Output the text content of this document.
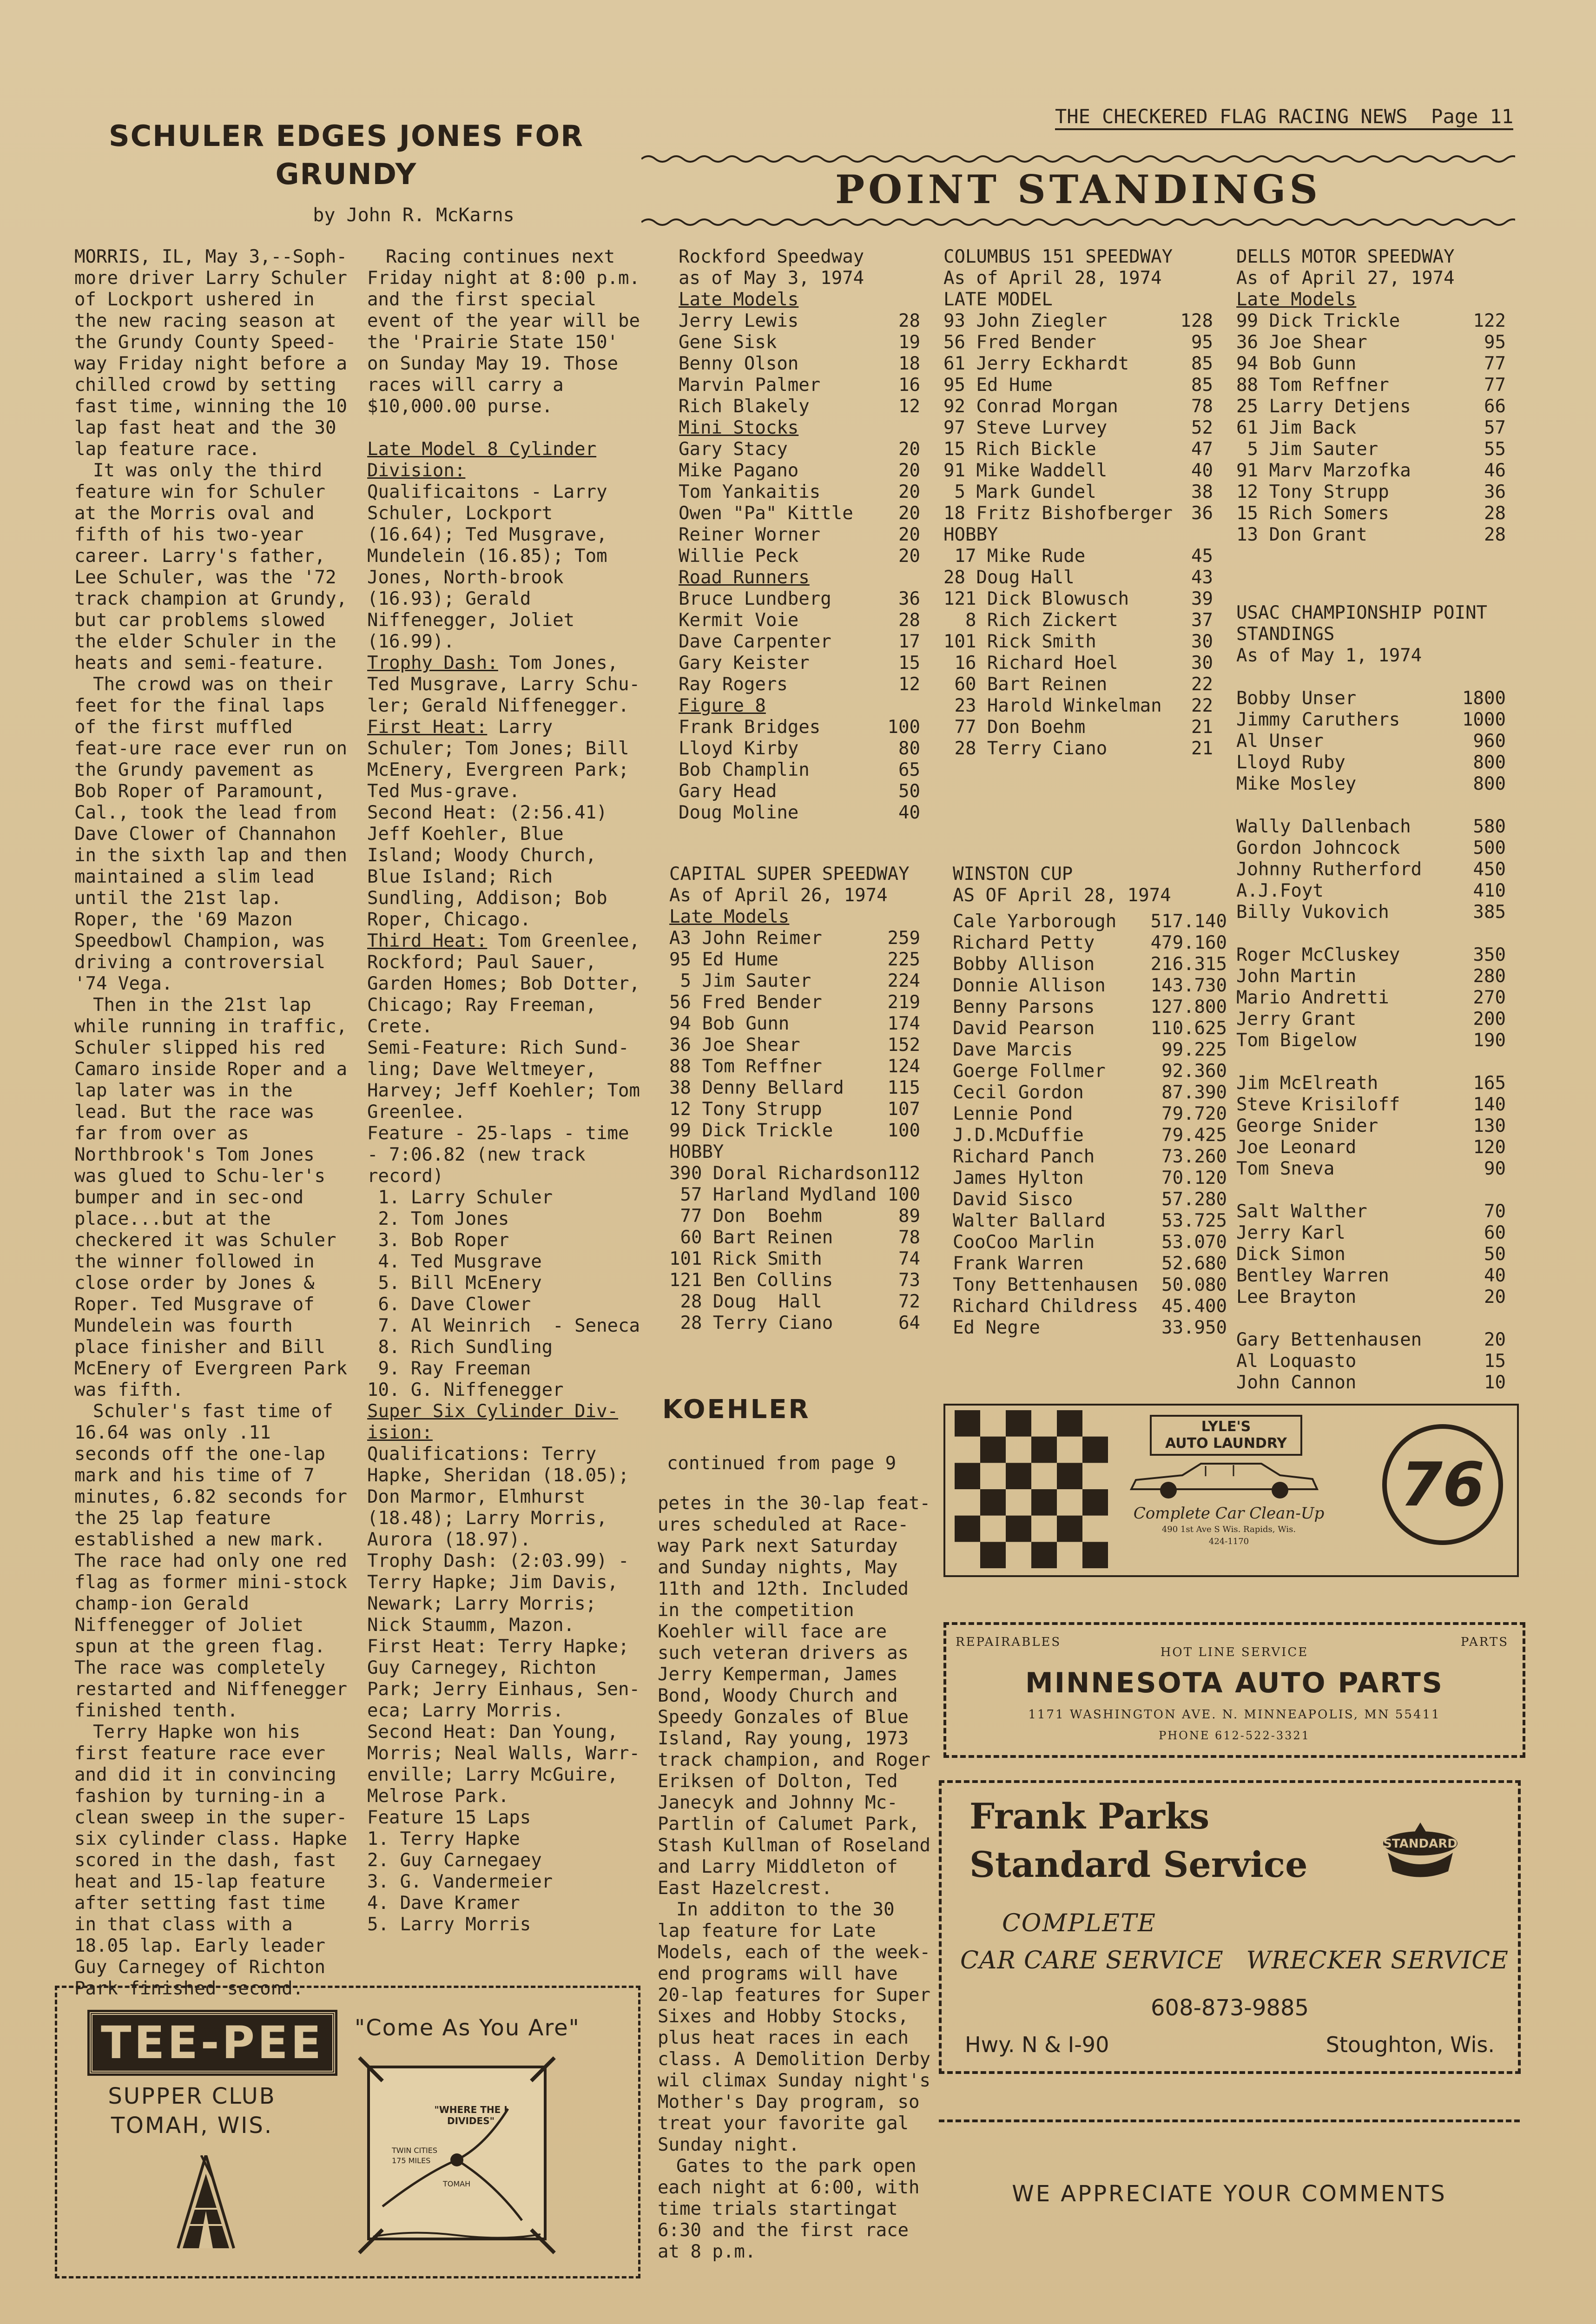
THE CHECKERED FLAG RACING NEWS  Page 11
SCHULER EDGES JONES FOR
GRUNDY
by John R. McKarns

MORRIS, IL, May 3,--Soph-more driver Larry Schuler of Lockport ushered in the new racing season at the Grundy County Speed-way Friday night before a chilled crowd by setting fast time, winning the 10 lap fast heat and the 30 lap feature race.

It was only the third feature win for Schuler at the Morris oval and fifth of his two-year career. Larry's father, Lee Schuler, was the '72 track champion at Grundy, but car problems slowed the elder Schuler in the heats and semi-feature.

The crowd was on their feet for the final laps of the first muffled feat-ure race ever run on the Grundy pavement as Bob Roper of Paramount, Cal., took the lead from Dave Clower of Channahon in the sixth lap and then maintained a slim lead until the 21st lap. Roper, the '69 Mazon Speedbowl Champion, was driving a controversial '74 Vega.

Then in the 21st lap while running in traffic, Schuler slipped his red Camaro inside Roper and a lap later was in the lead. But the race was far from over as Northbrook's Tom Jones was glued to Schu-ler's bumper and in sec-ond place...but at the checkered it was Schuler the winner followed in close order by Jones & Roper. Ted Musgrave of Mundelein was fourth place finisher and Bill McEnery of Evergreen Park was fifth.

Schuler's fast time of 16.64 was only .11 seconds off the one-lap mark and his time of 7 minutes, 6.82 seconds for the 25 lap feature established a new mark. The race had only one red flag as former mini-stock champ-ion Gerald Niffenegger of Joliet spun at the green flag. The race was completely restarted and Niffenegger finished tenth.

Terry Hapke won his first feature race ever and did it in convincing fashion by turning-in a clean sweep in the super-six cylinder class. Hapke scored in the dash, fast heat and 15-lap feature after setting fast time in that class with a 18.05 lap. Early leader Guy Carnegey of Richton Park finished second.

Racing continues next Friday night at 8:00 p.m. and the first special event of the year will be the 'Prairie State 150' on Sunday May 19. Those races will carry a $10,000.00 purse.

Late Model 8 Cylinder Division:
Qualificaitons - Larry Schuler, Lockport (16.64); Ted Musgrave, Mundelein (16.85); Tom Jones, North-brook (16.93); Gerald Niffenegger, Joliet (16.99).
Trophy Dash: Tom Jones, Ted Musgrave, Larry Schu-ler; Gerald Niffenegger.
First Heat: Larry Schuler; Tom Jones; Bill McEnery, Evergreen Park; Ted Mus-grave.
Second Heat: (2:56.41) Jeff Koehler, Blue Island; Woody Church, Blue Island; Rich Sundling, Addison; Bob Roper, Chicago.
Third Heat: Tom Greenlee, Rockford; Paul Sauer, Garden Homes; Bob Dotter, Chicago; Ray Freeman, Crete.
Semi-Feature: Rich Sund-ling; Dave Weltmeyer, Harvey; Jeff Koehler; Tom Greenlee.
Feature - 25-laps - time - 7:06.82 (new track record)
1. Larry Schuler
2. Tom Jones
3. Bob Roper
4. Ted Musgrave
5. Bill McEnery
6. Dave Clower
7. Al Weinrich  - Seneca
8. Rich Sundling
9. Ray Freeman
10. G. Niffenegger
Super Six Cylinder Div-ision:
Qualifications: Terry Hapke, Sheridan (18.05); Don Marmor, Elmhurst (18.48); Larry Morris, Aurora (18.97).
Trophy Dash: (2:03.99) - Terry Hapke; Jim Davis, Newark; Larry Morris; Nick Staumm, Mazon.
First Heat: Terry Hapke; Guy Carnegey, Richton Park; Jerry Einhaus, Sen-eca; Larry Morris.
Second Heat: Dan Young, Morris; Neal Walls, Warr-enville; Larry McGuire, Melrose Park.
Feature 15 Laps
1. Terry Hapke
2. Guy Carnegaey
3. G. Vandermeier
4. Dave Kramer
5. Larry Morris
POINT STANDINGS
Rockford Speedway
as of May 3, 1974
Late Models
Jerry Lewis	28
Gene Sisk	19
Benny Olson	18
Marvin Palmer	16
Rich Blakely	12
Mini Stocks
Gary Stacy	20
Mike Pagano	20
Tom Yankaitis	20
Owen "Pa" Kittle 20
Reiner Worner	20
Willie Peck	20
Road Runners
Bruce Lundberg	36
Kermit Voie	28
Dave Carpenter	17
Gary Keister	15
Ray Rogers	12
Figure 8
Frank Bridges	100
Lloyd Kirby	80
Bob Champlin	65
Gary Head	50
Doug Moline	40
COLUMBUS 151 SPEEDWAY
As of April 28, 1974
LATE MODEL
93 John Ziegler	128
56 Fred Bender	95
61 Jerry Eckhardt	85
95 Ed Hume	85
92 Conrad Morgan	78
97 Steve Lurvey	52
15 Rich Bickle	47
91 Mike Waddell	40
5 Mark Gundel	38
18 Fritz Bishofberger 36
HOBBY
17 Mike Rude	45
28 Doug Hall	43
121 Dick Blowusch	39
8 Rich Zickert	37
101 Rick Smith	30
16 Richard Hoel	30
60 Bart Reinen	22
23 Harold Winkelman 22
77 Don Boehm	21
28 Terry Ciano	21
DELLS MOTOR SPEEDWAY
As of April 27, 1974
Late Models
99 Dick Trickle	122
36 Joe Shear	95
94 Bob Gunn	77
88 Tom Reffner	77
25 Larry Detjens	66
61 Jim Back	57
5 Jim Sauter	55
91 Marv Marzofka	46
12 Tony Strupp	36
15 Rich Somers	28
13 Don Grant	28
USAC CHAMPIONSHIP POINT
STANDINGS
As of May 1, 1974
Bobby Unser	1800
Jimmy Caruthers	1000
Al Unser	960
Lloyd Ruby	800
Mike Mosley	800
Wally Dallenbach	580
Gordon Johncock	500
Johnny Rutherford	450
A.J.Foyt	410
Billy Vukovich	385
Roger McCluskey	350
John Martin	280
Mario Andretti	270
Jerry Grant	200
Tom Bigelow	190
Jim McElreath	165
Steve Krisiloff	140
George Snider	130
Joe Leonard	120
Tom Sneva	90
Salt Walther	70
Jerry Karl	60
Dick Simon	50
Bentley Warren	40
Lee Brayton	20
Gary Bettenhausen	20
Al Loquasto	15
John Cannon	10
CAPITAL SUPER SPEEDWAY
As of April 26, 1974
Late Models
A3 John Reimer	259
95 Ed Hume	225
5 Jim Sauter	224
56 Fred Bender	219
94 Bob Gunn	174
36 Joe Shear	152
88 Tom Reffner	124
38 Denny Bellard 115
12 Tony Strupp	107
99 Dick Trickle	100
HOBBY
390 Doral Richardson 112
57 Harland Mydland 100
77 Don  Boehm	89
60 Bart Reinen	78
101 Rick Smith	74
121 Ben Collins	73
28 Doug  Hall	72
28 Terry Ciano	64
WINSTON CUP
AS OF April 28, 1974
Cale Yarborough 517.140
Richard Petty	479.160
Bobby Allison	216.315
Donnie Allison 143.730
Benny Parsons	127.800
David Pearson	110.625
Dave Marcis	99.225
Goerge Follmer	92.360
Cecil Gordon	87.390
Lennie Pond	79.720
J.D.McDuffie	79.425
Richard Panch	73.260
James Hylton	70.120
David Sisco	57.280
Walter Ballard	53.725
CooCoo Marlin	53.070
Frank Warren	52.680
Tony Bettenhausen 50.080
Richard Childress 45.400
Ed Negre	33.950
KOEHLER
continued from page 9

petes in the 30-lap feat-ures scheduled at Race-way Park next Saturday and Sunday nights, May 11th and 12th. Included in the competition Koehler will face are such veteran drivers as Jerry Kemperman, James Bond, Woody Church and Speedy Gonzales of Blue Island, Ray young, 1973 track champion, and Roger Eriksen of Dolton, Ted Janecyk and Johnny Mc-Partlin of Calumet Park, Stash Kullman of Roseland and Larry Middleton of East Hazelcrest.

In additon to the 30 lap feature for Late Models, each of the week-end programs will have 20-lap features for Super Sixes and Hobby Stocks, plus heat races in each class. A Demolition Derby wil climax Sunday night's Mother's Day program, so treat your favorite gal Sunday night.

Gates to the park open each night at 6:00, with time trials startingat 6:30 and the first race at 8 p.m.

TEE-PEE
SUPPER CLUB
TOMAH, WIS.
"Come As You Are"
"WHERE THE I DIVIDES"
TWIN CITIES
175 MILES
TOMAH
LYLE'S
AUTO LAUNDRY
Complete Car Clean-Up
490 1st Ave S Wis. Rapids, Wis.
424-1170
76
REPAIRABLES
HOT LINE SERVICE
PARTS
MINNESOTA AUTO PARTS
1171 WASHINGTON AVE. N. MINNEAPOLIS, MN 55411
PHONE 612-522-3321
Frank Parks
Standard Service	STANDARD
COMPLETE
CAR CARE SERVICE WRECKER SERVICE
608-873-9885
Hwy. N & I-90	Stoughton, Wis.
WE APPRECIATE YOUR COMMENTS
